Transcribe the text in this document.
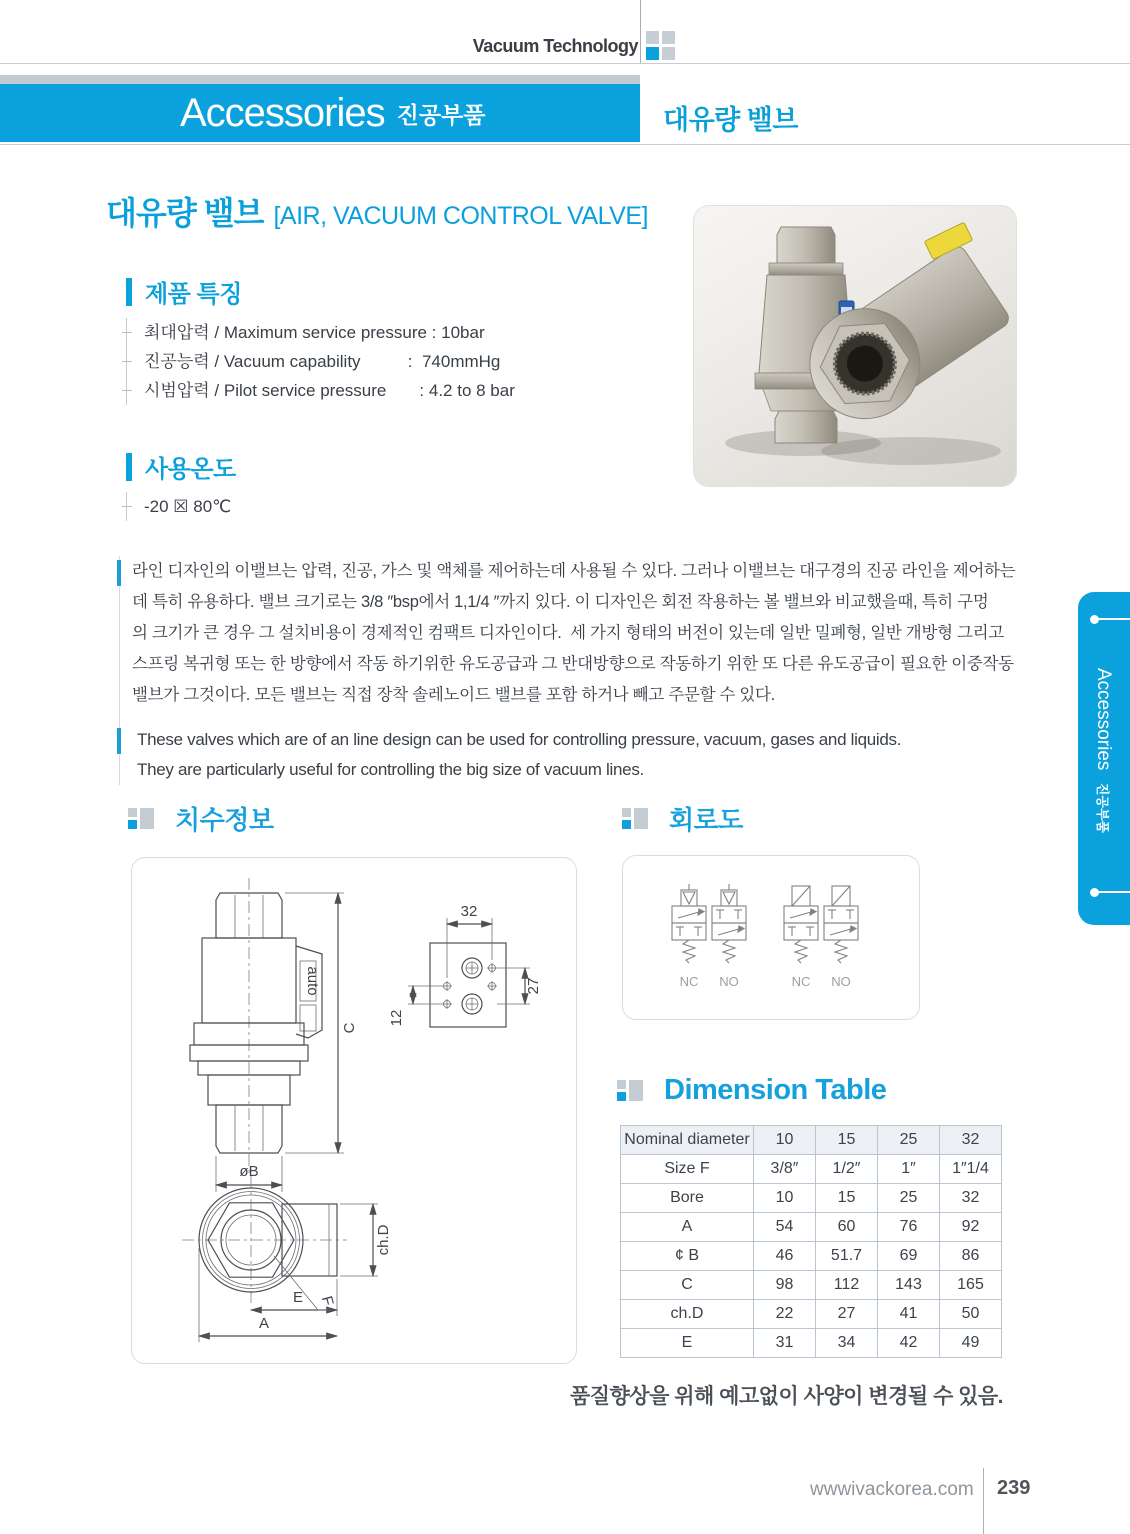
Vacuum Technology
Accessories 진공부품	대유량 밸브
대유량 밸브 [AIR, VACUUM CONTROL VALVE]
제품 특징
최대압력 / Maximum service pressure : 10bar
진공능력 / Vacuum capability          :  740mmHg
시범압력 / Pilot service pressure       : 4.2 to 8 bar
사용온도
-20 ☒ 80℃
라인 디자인의 이밸브는 압력, 진공, 가스 및 액체를 제어하는데 사용될 수 있다. 그러나 이밸브는 대구경의 진공 라인을 제어하는
데 특히 유용하다. 밸브 크기로는 3/8 ″bsp에서 1,1/4 ″까지 있다. 이 디자인은 회전 작용하는 볼 밸브와 비교했을때, 특히 구멍
의 크기가 큰 경우 그 설치비용이 경제적인 컴팩트 디자인이다.  세 가지 형태의 버전이 있는데 일반 밀폐형, 일반 개방형 그리고
스프링 복귀형 또는 한 방향에서 작동 하기위한 유도공급과 그 반대방향으로 작동하기 위한 또 다른 유도공급이 필요한 이중작동
밸브가 그것이다. 모든 밸브는 직접 장착 솔레노이드 밸브를 포함 하거나 빼고 주문할 수 있다.
These valves which are of an line design can be used for controlling pressure, vacuum, gases and liquids.
They are particularly useful for controlling the big size of vacuum lines.
치수정보
auto
C
øB
32
27
12
ch.D
E
A
F
회로도
NC NO	NC NO
Dimension Table
Nominal diameter	10	15	25	32
Size F	3/8″	1/2″	1″	1″1/4
Bore	10	15	25	32
A	54	60	76	92
¢ B	46	51.7	69	86
C	98	112	143	165
ch.D	22	27	41	50
E	31	34	42	49
품질향상을 위해 예고없이 사양이 변경될 수 있음.
wwwivackorea.com 239
Accessories 진공부품
